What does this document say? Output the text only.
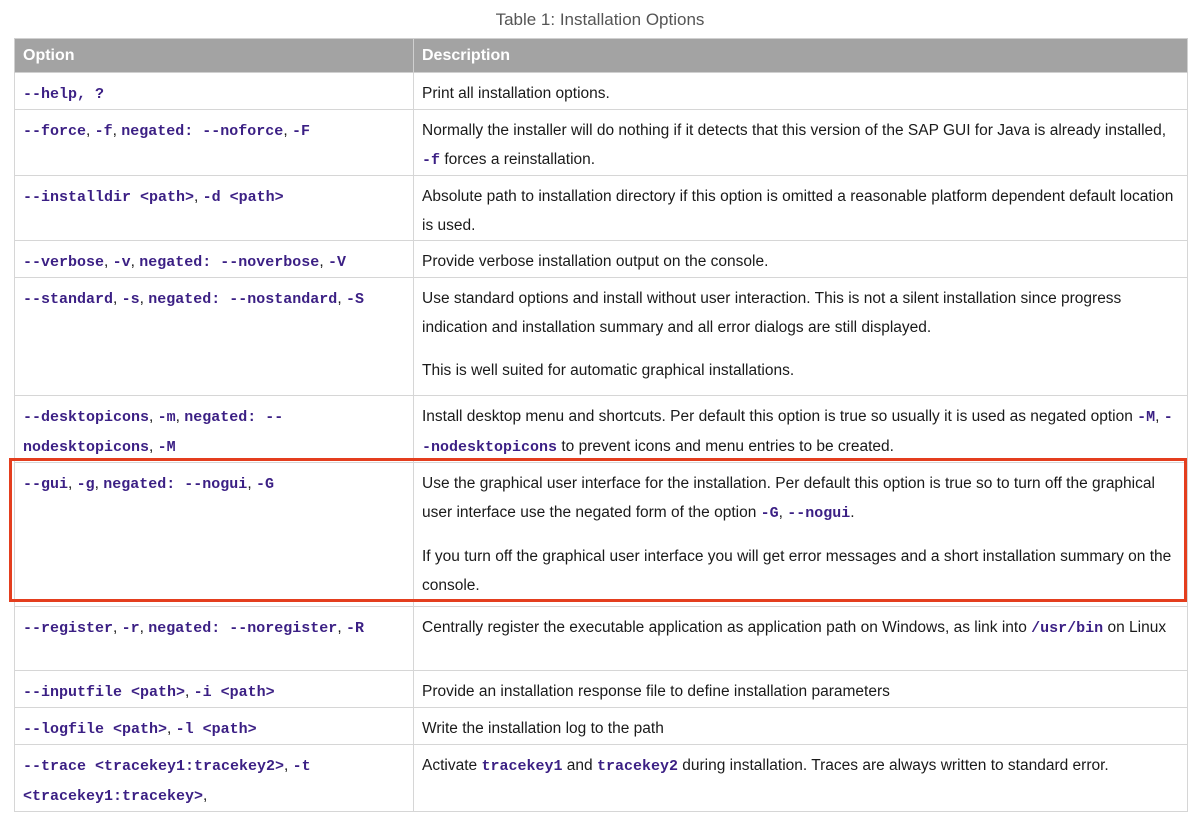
Table 1: Installation Options
Option	Description
--help, ?	Print all installation options.

--force, -f, negated: --noforce, -F	Normally the installer will do nothing if it detects that this version of the SAP GUI for Java is already installed, -f forces a reinstallation.

--installdir <path>, -d <path>	Absolute path to installation directory if this option is omitted a reasonable platform dependent default location is used.

--verbose, -v, negated: --noverbose, -V	Provide verbose installation output on the console.

--standard, -s, negated: --nostandard, -S	Use standard options and install without user interaction. This is not a silent installation since progress indication and installation summary and all error dialogs are still displayed.

This is well suited for automatic graphical installations.

--desktopicons, -m, negated: --nodesktopicons, -M	Install desktop menu and shortcuts. Per default this option is true so usually it is used as negated option -M, --nodesktopicons to prevent icons and menu entries to be created.

--gui, -g, negated: --nogui, -G	Use the graphical user interface for the installation. Per default this option is true so to turn off the graphical user interface use the negated form of the option -G, --nogui.

If you turn off the graphical user interface you will get error messages and a short installation summary on the console.

--register, -r, negated: --noregister, -R	Centrally register the executable application as application path on Windows, as link into /usr/bin on Linux

--inputfile <path>, -i <path>	Provide an installation response file to define installation parameters

--logfile <path>, -l <path>	Write the installation log to the path

--trace <tracekey1:tracekey2>, -t <tracekey1:tracekey>,	Activate tracekey1 and tracekey2 during installation. Traces are always written to standard error.
